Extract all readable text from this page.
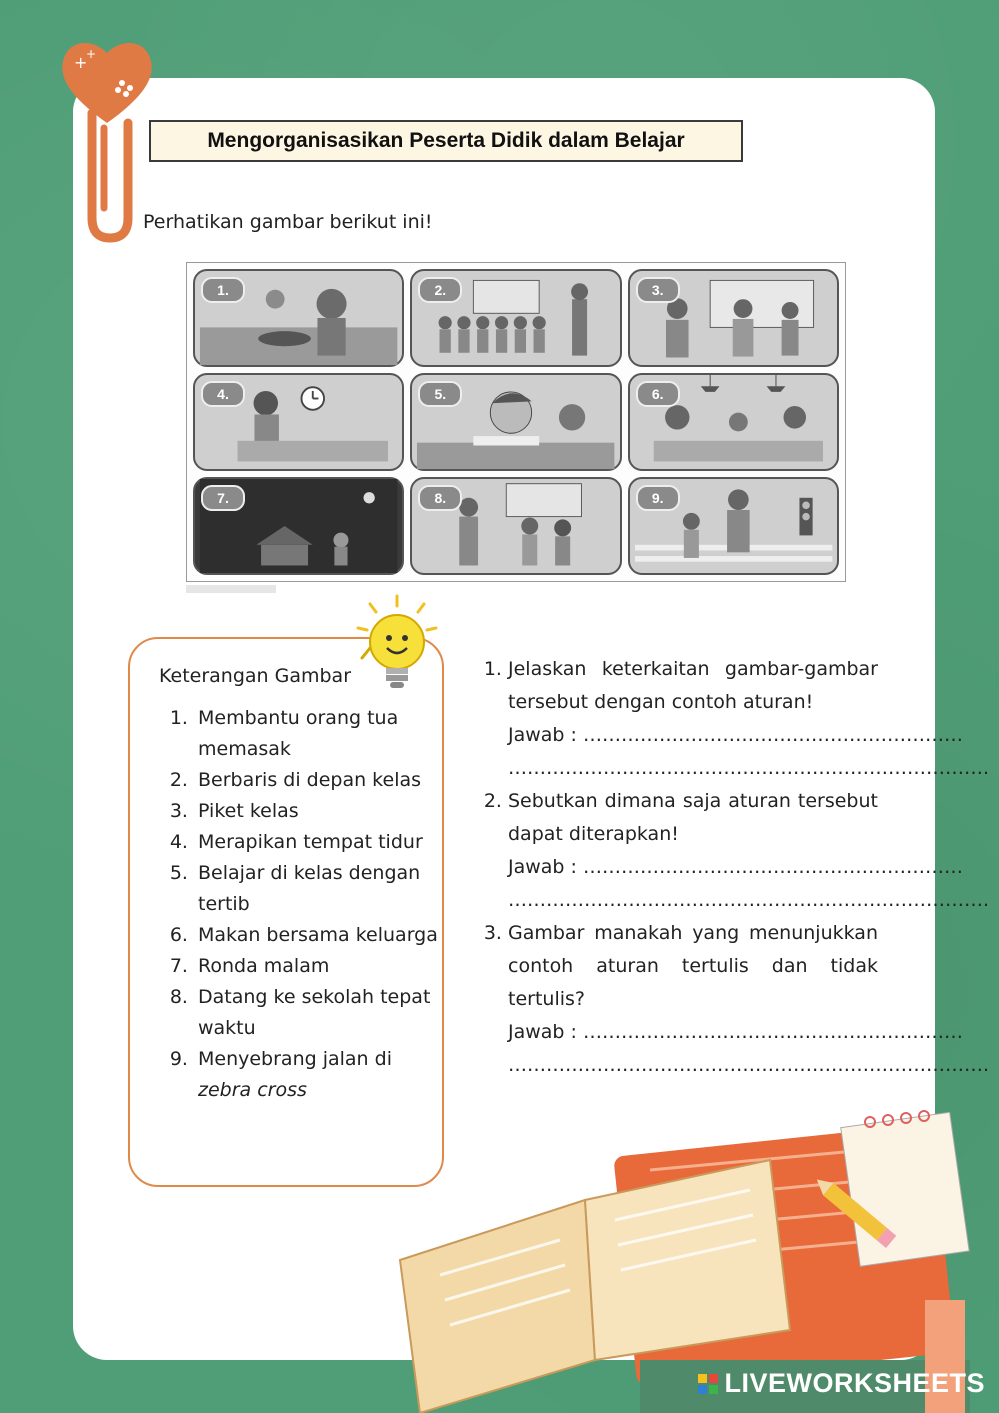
+
+
Mengorganisasikan Peserta Didik dalam Belajar
Perhatikan gambar berikut ini!
1.	2.	3.
4.	5.	6.
7.	8.	9.
Keterangan Gambar
1. Membantu orang tua memasak
2. Berbaris di depan kelas
3. Piket kelas
4. Merapikan tempat tidur
5. Belajar di kelas dengan tertib
6. Makan bersama keluarga
7. Ronda malam
8. Datang ke sekolah tepat waktu
9. Menyebrang jalan di zebra cross
1. Jelaskan keterkaitan gambar-gambar tersebut dengan contoh aturan!
Jawab : ……………………………………………………
………………………………………………………………….
2. Sebutkan dimana saja aturan tersebut dapat diterapkan!
Jawab : ……………………………………………………
………………………………………………………………….
3. Gambar manakah yang menunjukkan contoh aturan tertulis dan tidak tertulis?
Jawab : ……………………………………………………
………………………………………………………………….
LIVEWORKSHEETS
